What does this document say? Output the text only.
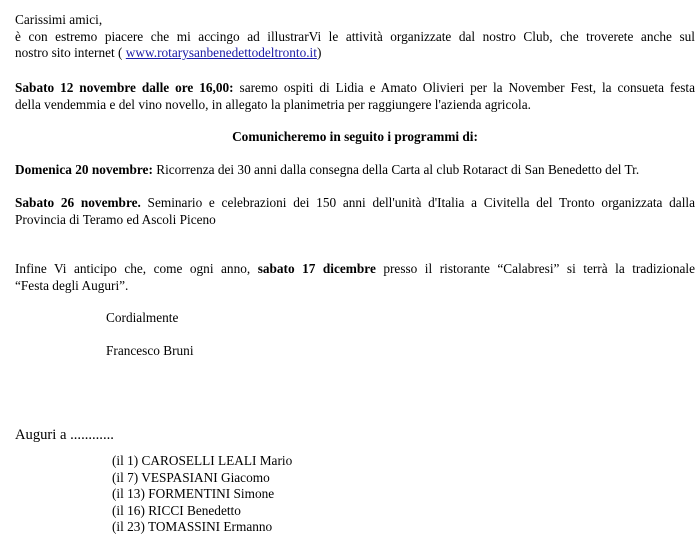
Carissimi amici,
è con estremo piacere che mi accingo ad illustrarVi le attività organizzate dal nostro Club, che troverete anche sul
nostro sito internet ( www.rotarysanbenedettodeltronto.it)
Sabato 12 novembre dalle ore 16,00: saremo ospiti di Lidia e Amato Olivieri per la November Fest, la consueta festa
della vendemmia e del vino novello, in allegato la planimetria per raggiungere l'azienda agricola.
Comunicheremo in seguito i programmi di:
Domenica 20 novembre: Ricorrenza dei 30 anni dalla consegna della Carta al club Rotaract di San Benedetto del Tr.
Sabato 26 novembre. Seminario e celebrazioni dei 150 anni dell'unità d'Italia a Civitella del Tronto organizzata dalla
Provincia di Teramo ed Ascoli Piceno
Infine Vi anticipo che, come ogni anno, sabato 17 dicembre presso il ristorante “Calabresi” si terrà la tradizionale
“Festa degli Auguri”.
Cordialmente
Francesco Bruni
Auguri a ............
(il 1) CAROSELLI LEALI Mario
(il 7) VESPASIANI Giacomo
(il 13) FORMENTINI Simone
(il 16) RICCI Benedetto
(il 23) TOMASSINI Ermanno
